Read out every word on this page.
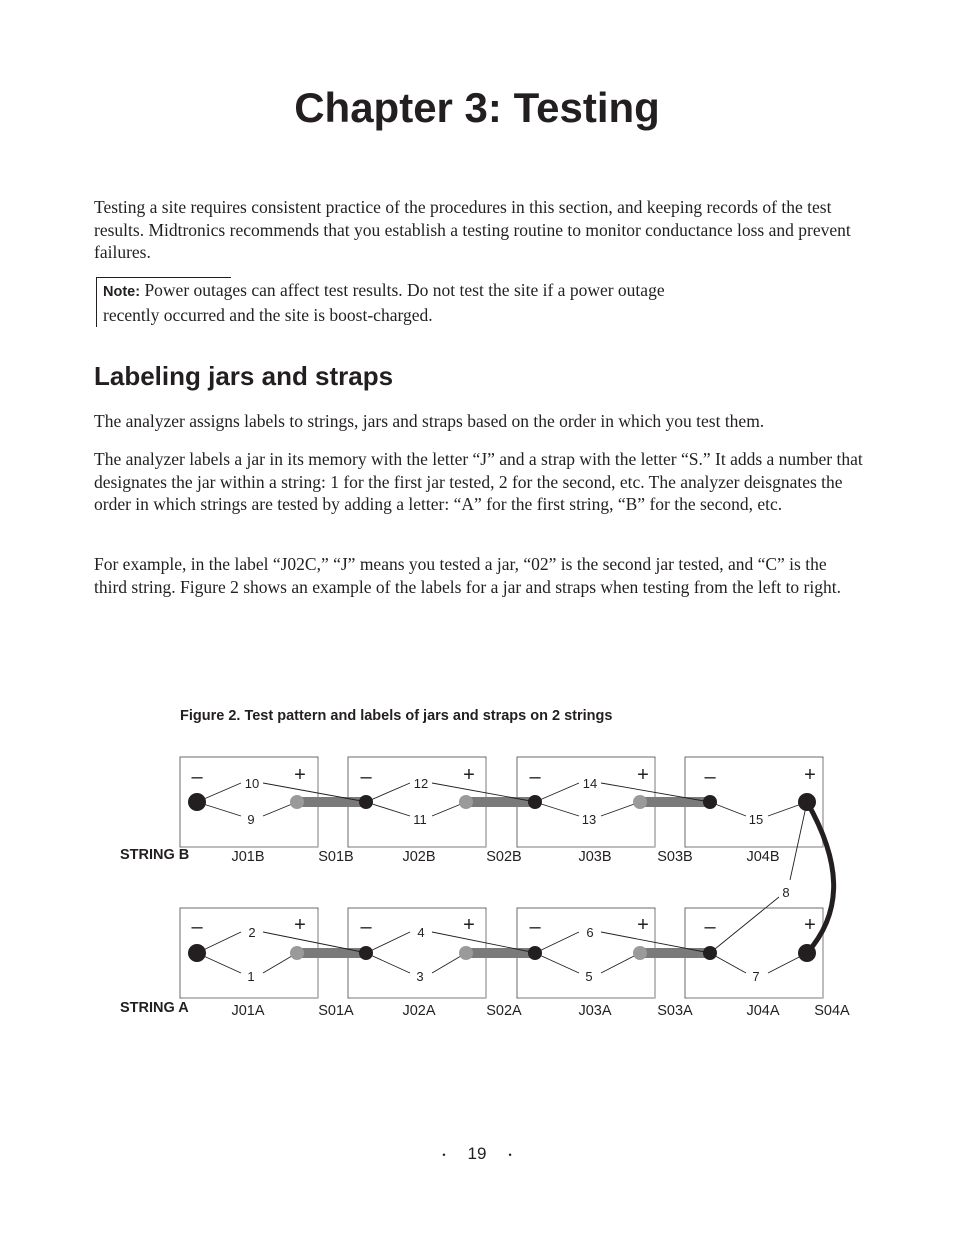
Chapter 3: Testing

Testing a site requires consistent practice of the procedures in this section, and keeping records of the test results. Midtronics recommends that you establish a testing routine to monitor conductance loss and prevent failures.

Note: Power outages can affect test results. Do not test the site if a power outage recently occurred and the site is boost-charged.

Labeling jars and straps

The analyzer assigns labels to strings, jars and straps based on the order in which you test them.

The analyzer labels a jar in its memory with the letter “J” and a strap with the letter “S.” It adds a number that designates the jar within a string: 1 for the first jar tested, 2 for the second, etc. The analyzer deisgnates the order in which strings are tested by adding a letter: “A” for the first string, “B” for the second, etc.

For example, in the label “J02C,” “J” means you tested a jar, “02” is the second jar tested, and “C” is the third string. Figure 2 shows an example of the labels for a jar and straps when testing from the left to right.

Figure 2. Test pattern and labels of jars and straps on 2 strings

STRING B
9
10
11
12
13
14
15
–	+	–	+	–	+	–	+
J01B	S01B	J02B	S02B	J03B	S03B	J04B
STRING A
1
2
3
4
5
6
7
–	+	–	+	–	+	–	+
J01A	S01A	J02A	S02A	J03A	S03A	J04A S04A
8
• 19 •
